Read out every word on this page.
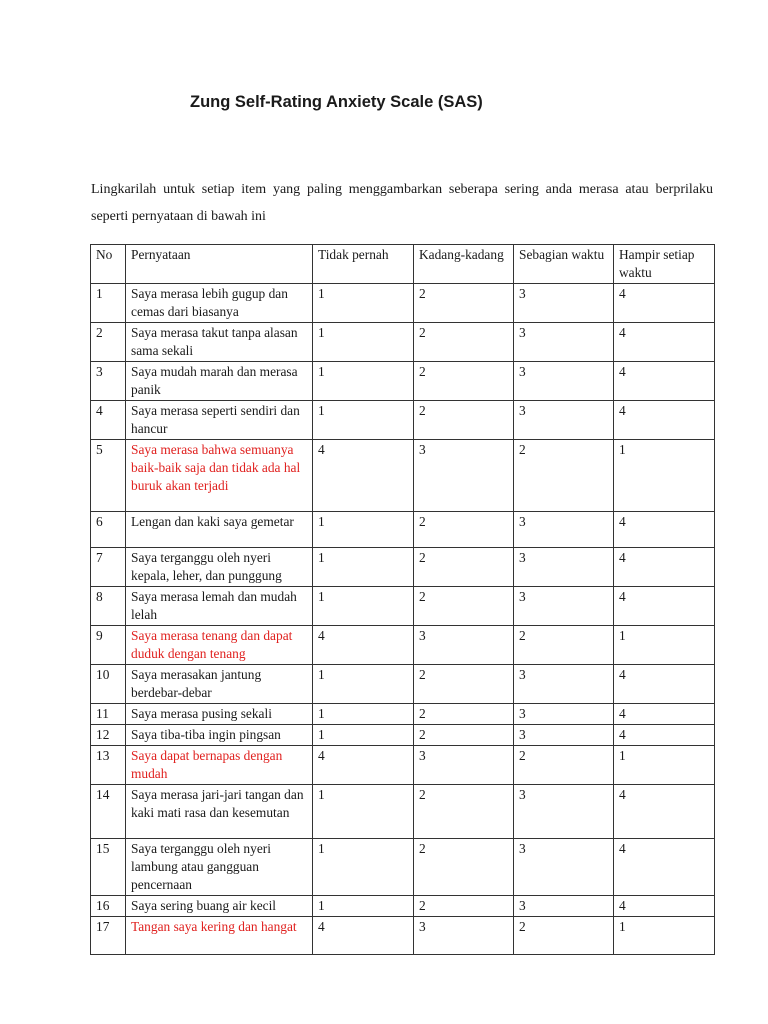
Zung Self-Rating Anxiety Scale (SAS)

Lingkarilah untuk setiap item yang paling menggambarkan seberapa sering anda merasa atau berprilaku seperti pernyataan di bawah ini

No	Pernyataan	Tidak pernah	Kadang-kadang	Sebagian waktu	Hampir setiap waktu
1	Saya merasa lebih gugup dan cemas dari biasanya	1	2	3	4
2	Saya merasa takut tanpa alasan sama sekali	1	2	3	4
3	Saya mudah marah dan merasa panik	1	2	3	4
4	Saya merasa seperti sendiri dan hancur	1	2	3	4
5	Saya merasa bahwa semuanya baik-baik saja dan tidak ada hal buruk akan terjadi	4	3	2	1
6	Lengan dan kaki saya gemetar	1	2	3	4
7	Saya terganggu oleh nyeri kepala, leher, dan punggung	1	2	3	4
8	Saya merasa lemah dan mudah lelah	1	2	3	4
9	Saya merasa tenang dan dapat duduk dengan tenang	4	3	2	1
10	Saya merasakan jantung berdebar-debar	1	2	3	4
11	Saya merasa pusing sekali	1	2	3	4
12	Saya tiba-tiba ingin pingsan	1	2	3	4
13	Saya dapat bernapas dengan mudah	4	3	2	1
14	Saya merasa jari-jari tangan dan kaki mati rasa dan kesemutan	1	2	3	4
15	Saya terganggu oleh nyeri lambung atau gangguan pencernaan	1	2	3	4
16	Saya sering buang air kecil	1	2	3	4
17	Tangan saya kering dan hangat	4	3	2	1
